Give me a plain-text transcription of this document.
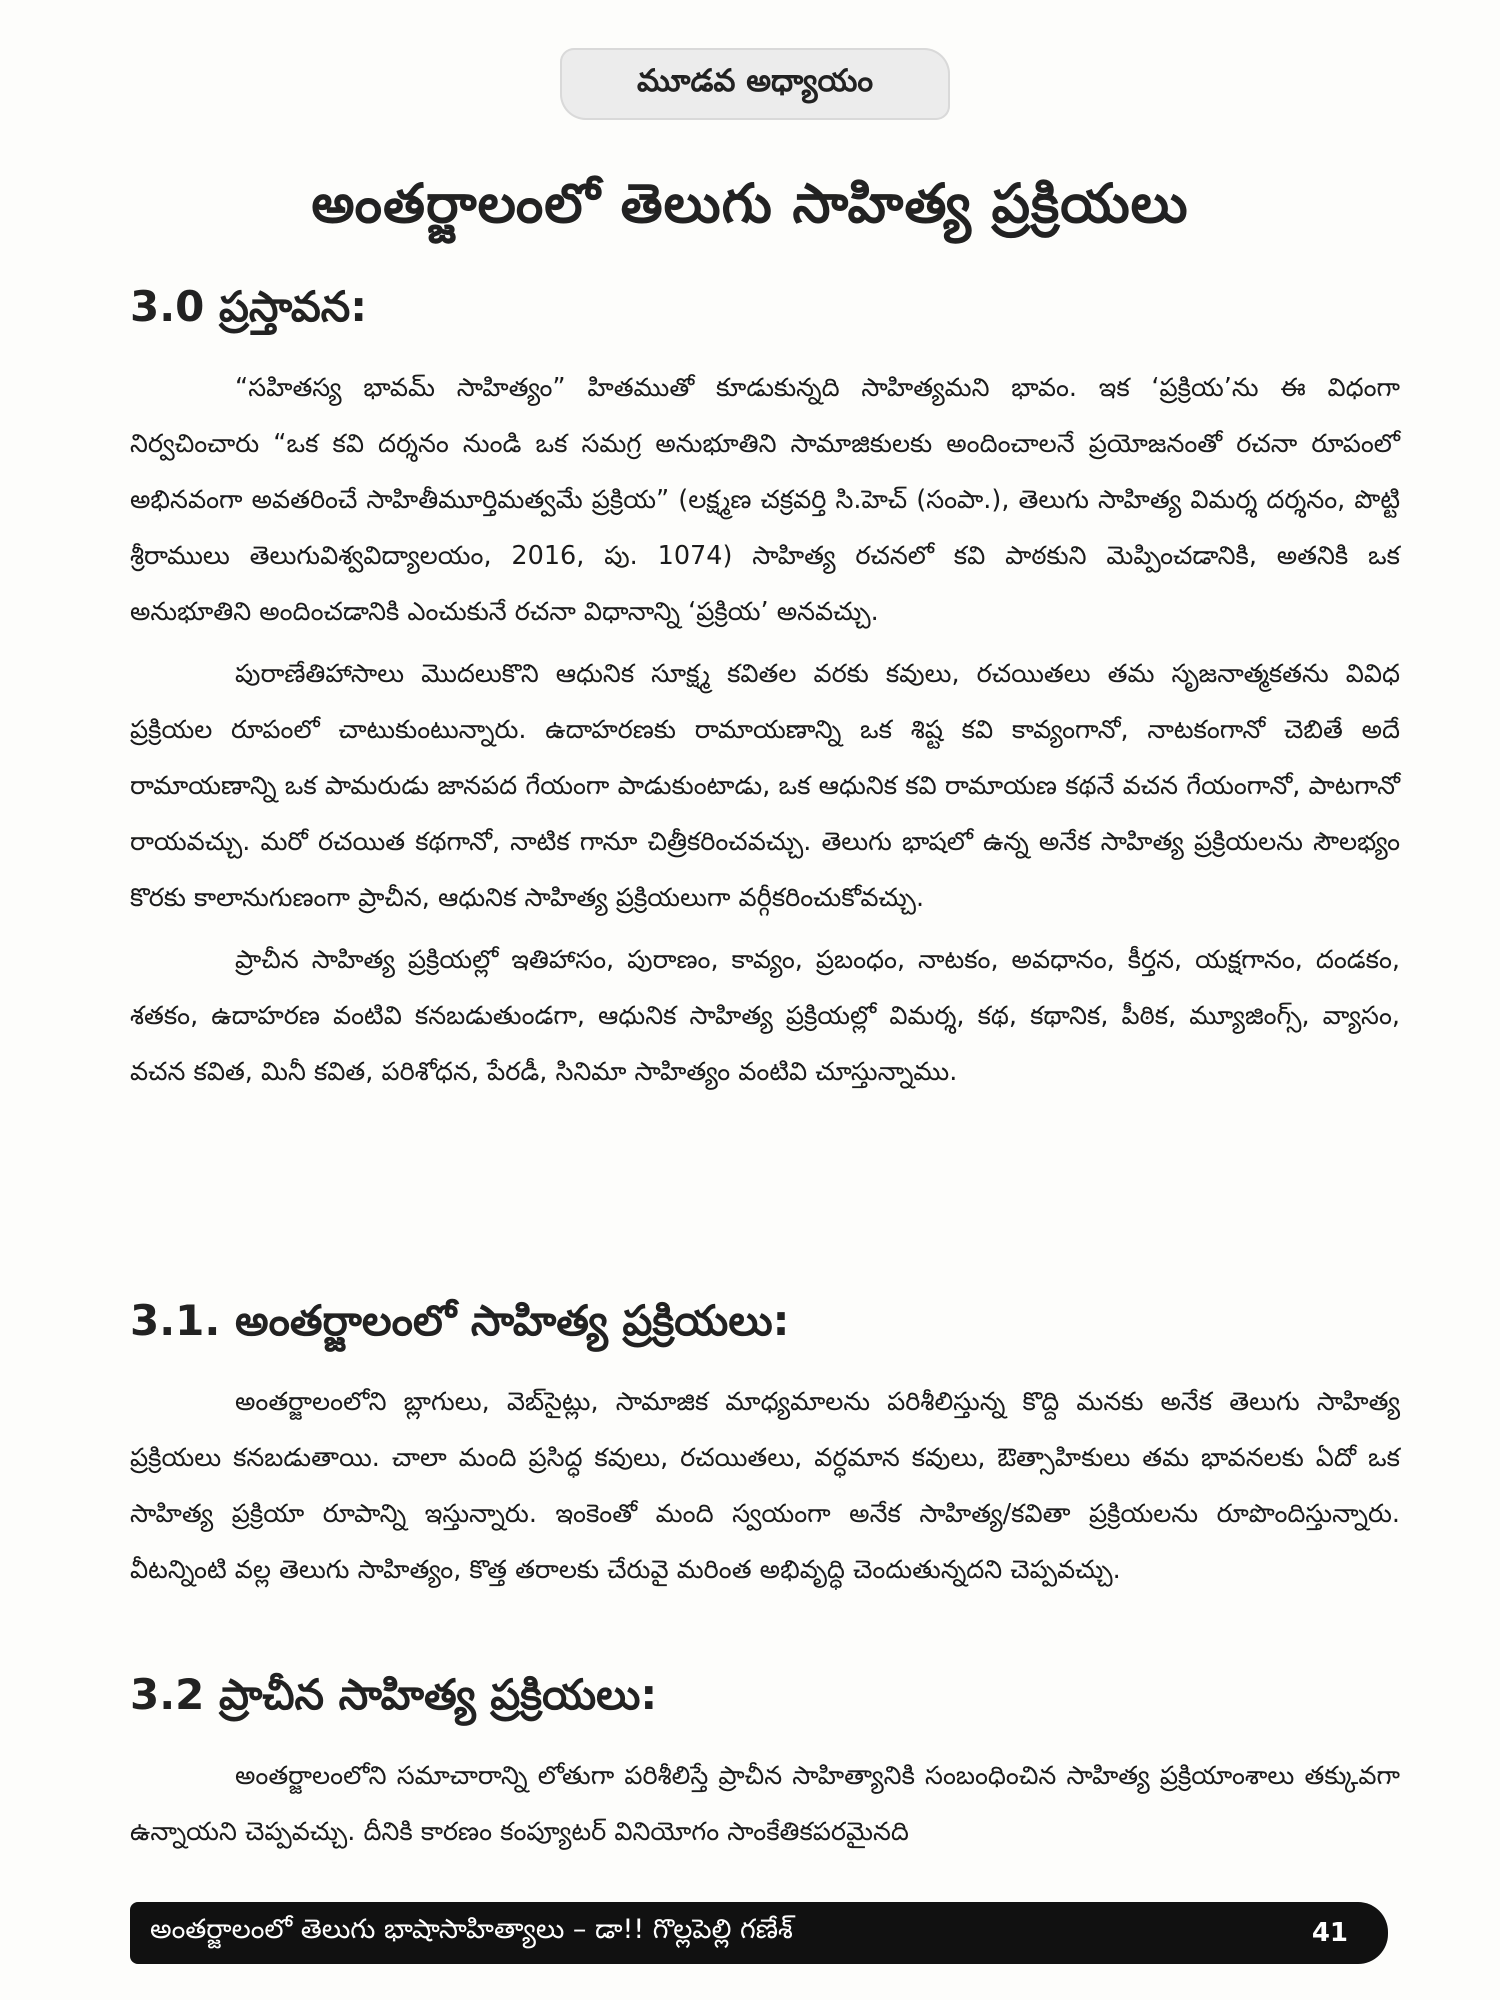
మూడవ అధ్యాయం
అంతర్జాలంలో తెలుగు సాహిత్య ప్రక్రియలు
3.0 ప్రస్తావన:

“సహితస్య భావమ్ సాహిత్యం” హితముతో కూడుకున్నది సాహిత్యమని భావం. ఇక ‘ప్రక్రియ’ను ఈ విధంగా నిర్వచించారు “ఒక కవి దర్శనం నుండి ఒక సమగ్ర అనుభూతిని సామాజికులకు అందించాలనే ప్రయోజనంతో రచనా రూపంలో అభినవంగా అవతరించే సాహితీమూర్తిమత్వమే ప్రక్రియ” (లక్ష్మణ చక్రవర్తి సి.హెచ్ (సంపా.), తెలుగు సాహిత్య విమర్శ దర్శనం, పొట్టి శ్రీరాములు తెలుగువిశ్వవిద్యాలయం, 2016, పు. 1074) సాహిత్య రచనలో కవి పాఠకుని మెప్పించడానికి, అతనికి ఒక అనుభూతిని అందించడానికి ఎంచుకునే రచనా విధానాన్ని ‘ప్రక్రియ’ అనవచ్చు.

పురాణేతిహాసాలు మొదలుకొని ఆధునిక సూక్ష్మ కవితల వరకు కవులు, రచయితలు తమ సృజనాత్మకతను వివిధ ప్రక్రియల రూపంలో చాటుకుంటున్నారు. ఉదాహరణకు రామాయణాన్ని ఒక శిష్ట కవి కావ్యంగానో, నాటకంగానో చెబితే అదే రామాయణాన్ని ఒక పామరుడు జానపద గేయంగా పాడుకుంటాడు, ఒక ఆధునిక కవి రామాయణ కథనే వచన గేయంగానో, పాటగానో రాయవచ్చు. మరో రచయిత కథగానో, నాటిక గానూ చిత్రీకరించవచ్చు. తెలుగు భాషలో ఉన్న అనేక సాహిత్య ప్రక్రియలను సౌలభ్యం కొరకు కాలానుగుణంగా ప్రాచీన, ఆధునిక సాహిత్య ప్రక్రియలుగా వర్గీకరించుకోవచ్చు.

ప్రాచీన సాహిత్య ప్రక్రియల్లో ఇతిహాసం, పురాణం, కావ్యం, ప్రబంధం, నాటకం, అవధానం, కీర్తన, యక్షగానం, దండకం, శతకం, ఉదాహరణ వంటివి కనబడుతుండగా, ఆధునిక సాహిత్య ప్రక్రియల్లో విమర్శ, కథ, కథానిక, పీఠిక, మ్యూజింగ్స్, వ్యాసం, వచన కవిత, మినీ కవిత, పరిశోధన, పేరడీ, సినిమా సాహిత్యం వంటివి చూస్తున్నాము.

3.1. అంతర్జాలంలో సాహిత్య ప్రక్రియలు:

అంతర్జాలంలోని బ్లాగులు, వెబ్‌సైట్లు, సామాజిక మాధ్యమాలను పరిశీలిస్తున్న కొద్ది మనకు అనేక తెలుగు సాహిత్య ప్రక్రియలు కనబడుతాయి. చాలా మంది ప్రసిద్ధ కవులు, రచయితలు, వర్ధమాన కవులు, ఔత్సాహికులు తమ భావనలకు ఏదో ఒక సాహిత్య ప్రక్రియా రూపాన్ని ఇస్తున్నారు. ఇంకెంతో మంది స్వయంగా అనేక సాహిత్య/కవితా ప్రక్రియలను రూపొందిస్తున్నారు. వీటన్నింటి వల్ల తెలుగు సాహిత్యం, కొత్త తరాలకు చేరువై మరింత అభివృద్ధి చెందుతున్నదని చెప్పవచ్చు.

3.2 ప్రాచీన సాహిత్య ప్రక్రియలు:

అంతర్జాలంలోని సమాచారాన్ని లోతుగా పరిశీలిస్తే ప్రాచీన సాహిత్యానికి సంబంధించిన సాహిత్య ప్రక్రియాంశాలు తక్కువగా ఉన్నాయని చెప్పవచ్చు. దీనికి కారణం కంప్యూటర్ వినియోగం సాంకేతికపరమైనది

అంతర్జాలంలో తెలుగు భాషాసాహిత్యాలు – డా!! గొల్లపెల్లి గణేశ్	41
